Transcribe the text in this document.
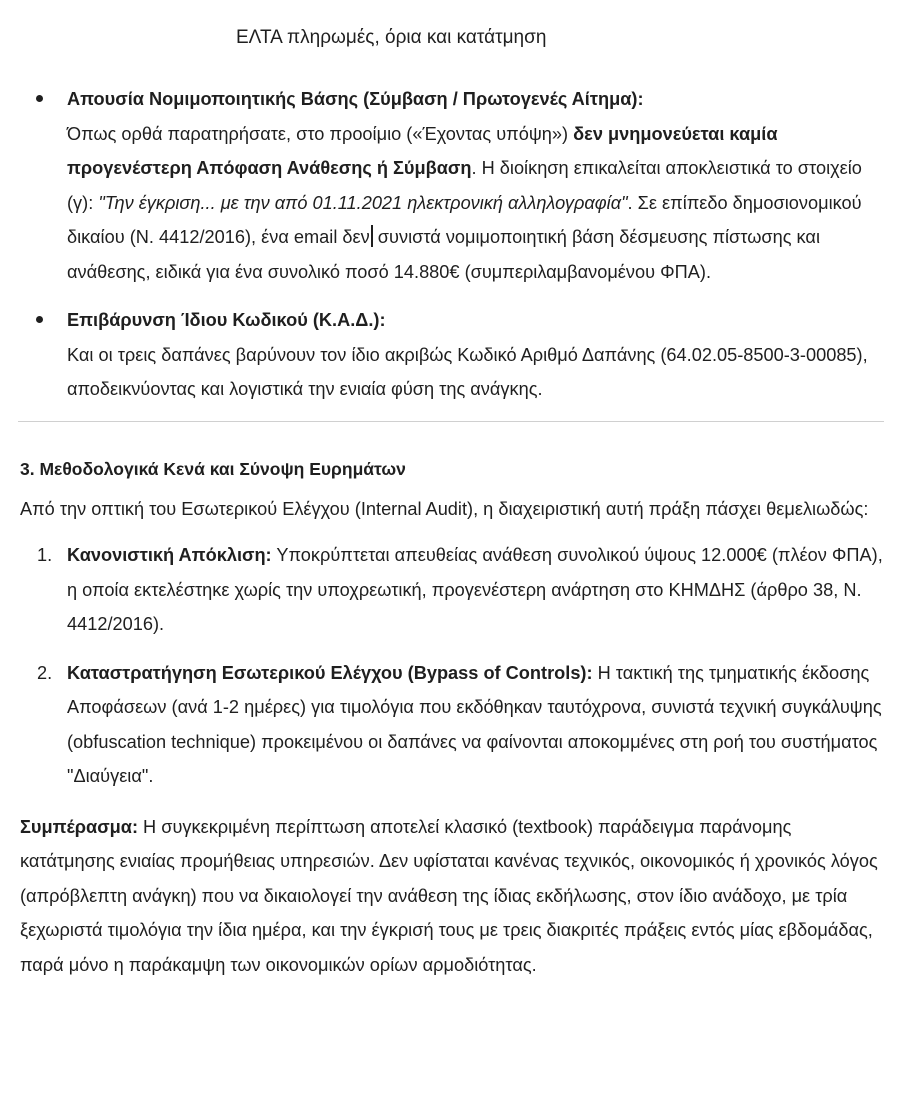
ΕΛΤΑ πληρωμές, όρια και κατάτμηση
Απουσία Νομιμοποιητικής Βάσης (Σύμβαση / Πρωτογενές Αίτημα):
Όπως ορθά παρατηρήσατε, στο προοίμιο («Έχοντας υπόψη») δεν μνημονεύεται καμία προγενέστερη Απόφαση Ανάθεσης ή Σύμβαση. Η διοίκηση επικαλείται αποκλειστικά το στοιχείο (γ): "Την έγκριση... με την από 01.11.2021 ηλεκτρονική αλληλογραφία". Σε επίπεδο δημοσιονομικού δικαίου (Ν. 4412/2016), ένα email δεν συνιστά νομιμοποιητική βάση δέσμευσης πίστωσης και ανάθεσης, ειδικά για ένα συνολικό ποσό 14.880€ (συμπεριλαμβανομένου ΦΠΑ).
Επιβάρυνση Ίδιου Κωδικού (Κ.Α.Δ.):
Και οι τρεις δαπάνες βαρύνουν τον ίδιο ακριβώς Κωδικό Αριθμό Δαπάνης (64.02.05-8500-3-00085), αποδεικνύοντας και λογιστικά την ενιαία φύση της ανάγκης.
3. Μεθοδολογικά Κενά και Σύνοψη Ευρημάτων

Από την οπτική του Εσωτερικού Ελέγχου (Internal Audit), η διαχειριστική αυτή πράξη πάσχει θεμελιωδώς:

1. Κανονιστική Απόκλιση: Υποκρύπτεται απευθείας ανάθεση συνολικού ύψους 12.000€ (πλέον ΦΠΑ), η οποία εκτελέστηκε χωρίς την υποχρεωτική, προγενέστερη ανάρτηση στο ΚΗΜΔΗΣ (άρθρο 38, Ν. 4412/2016).
2. Καταστρατήγηση Εσωτερικού Ελέγχου (Bypass of Controls): Η τακτική της τμηματικής έκδοσης Αποφάσεων (ανά 1-2 ημέρες) για τιμολόγια που εκδόθηκαν ταυτόχρονα, συνιστά τεχνική συγκάλυψης (obfuscation technique) προκειμένου οι δαπάνες να φαίνονται αποκομμένες στη ροή του συστήματος "Διαύγεια".

Συμπέρασμα: Η συγκεκριμένη περίπτωση αποτελεί κλασικό (textbook) παράδειγμα παράνομης κατάτμησης ενιαίας προμήθειας υπηρεσιών. Δεν υφίσταται κανένας τεχνικός, οικονομικός ή χρονικός λόγος (απρόβλεπτη ανάγκη) που να δικαιολογεί την ανάθεση της ίδιας εκδήλωσης, στον ίδιο ανάδοχο, με τρία ξεχωριστά τιμολόγια την ίδια ημέρα, και την έγκρισή τους με τρεις διακριτές πράξεις εντός μίας εβδομάδας, παρά μόνο η παράκαμψη των οικονομικών ορίων αρμοδιότητας.
